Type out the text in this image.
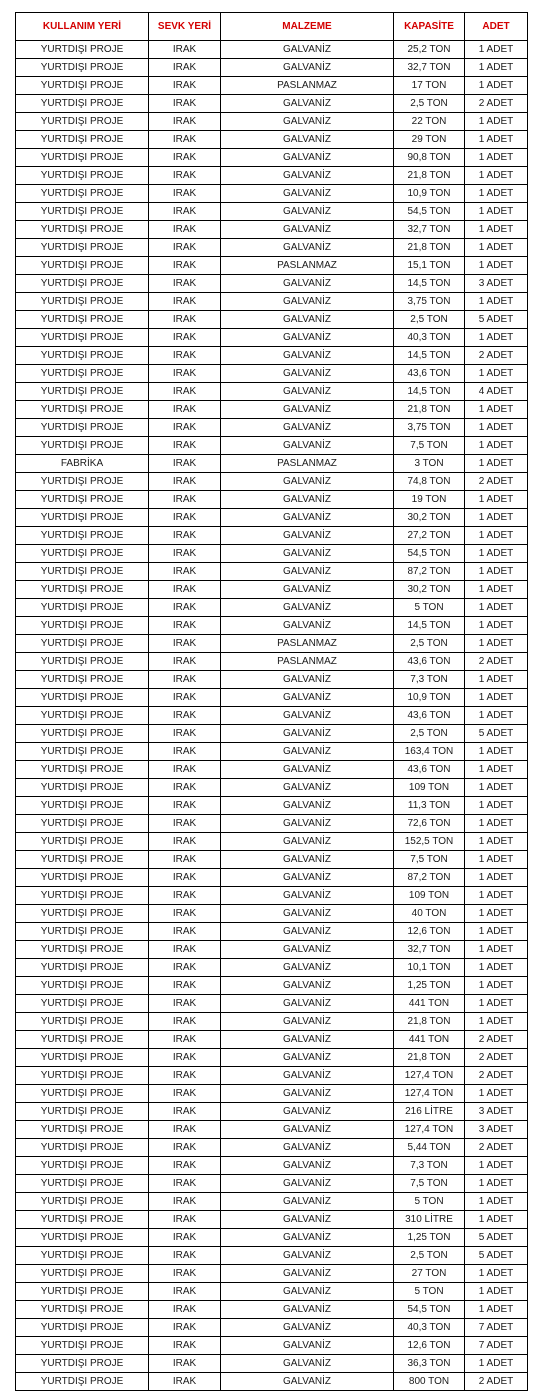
KULLANIM YERİ	SEVK YERİ	MALZEME	KAPASİTE	ADET
YURTDIŞI PROJE	IRAK	GALVANİZ	25,2 TON	1 ADET
YURTDIŞI PROJE	IRAK	GALVANİZ	32,7 TON	1 ADET
YURTDIŞI PROJE	IRAK	PASLANMAZ	17 TON	1 ADET
YURTDIŞI PROJE	IRAK	GALVANİZ	2,5 TON	2 ADET
YURTDIŞI PROJE	IRAK	GALVANİZ	22 TON	1 ADET
YURTDIŞI PROJE	IRAK	GALVANİZ	29 TON	1 ADET
YURTDIŞI PROJE	IRAK	GALVANİZ	90,8 TON	1 ADET
YURTDIŞI PROJE	IRAK	GALVANİZ	21,8 TON	1 ADET
YURTDIŞI PROJE	IRAK	GALVANİZ	10,9 TON	1 ADET
YURTDIŞI PROJE	IRAK	GALVANİZ	54,5 TON	1 ADET
YURTDIŞI PROJE	IRAK	GALVANİZ	32,7 TON	1 ADET
YURTDIŞI PROJE	IRAK	GALVANİZ	21,8 TON	1 ADET
YURTDIŞI PROJE	IRAK	PASLANMAZ	15,1 TON	1 ADET
YURTDIŞI PROJE	IRAK	GALVANİZ	14,5 TON	3 ADET
YURTDIŞI PROJE	IRAK	GALVANİZ	3,75 TON	1 ADET
YURTDIŞI PROJE	IRAK	GALVANİZ	2,5 TON	5 ADET
YURTDIŞI PROJE	IRAK	GALVANİZ	40,3 TON	1 ADET
YURTDIŞI PROJE	IRAK	GALVANİZ	14,5 TON	2 ADET
YURTDIŞI PROJE	IRAK	GALVANİZ	43,6 TON	1 ADET
YURTDIŞI PROJE	IRAK	GALVANİZ	14,5 TON	4 ADET
YURTDIŞI PROJE	IRAK	GALVANİZ	21,8 TON	1 ADET
YURTDIŞI PROJE	IRAK	GALVANİZ	3,75 TON	1 ADET
YURTDIŞI PROJE	IRAK	GALVANİZ	7,5 TON	1 ADET
FABRİKA	IRAK	PASLANMAZ	3 TON	1 ADET
YURTDIŞI PROJE	IRAK	GALVANİZ	74,8 TON	2 ADET
YURTDIŞI PROJE	IRAK	GALVANİZ	19 TON	1 ADET
YURTDIŞI PROJE	IRAK	GALVANİZ	30,2 TON	1 ADET
YURTDIŞI PROJE	IRAK	GALVANİZ	27,2 TON	1 ADET
YURTDIŞI PROJE	IRAK	GALVANİZ	54,5 TON	1 ADET
YURTDIŞI PROJE	IRAK	GALVANİZ	87,2 TON	1 ADET
YURTDIŞI PROJE	IRAK	GALVANİZ	30,2 TON	1 ADET
YURTDIŞI PROJE	IRAK	GALVANİZ	5 TON	1 ADET
YURTDIŞI PROJE	IRAK	GALVANİZ	14,5 TON	1 ADET
YURTDIŞI PROJE	IRAK	PASLANMAZ	2,5 TON	1 ADET
YURTDIŞI PROJE	IRAK	PASLANMAZ	43,6 TON	2 ADET
YURTDIŞI PROJE	IRAK	GALVANİZ	7,3 TON	1 ADET
YURTDIŞI PROJE	IRAK	GALVANİZ	10,9 TON	1 ADET
YURTDIŞI PROJE	IRAK	GALVANİZ	43,6 TON	1 ADET
YURTDIŞI PROJE	IRAK	GALVANİZ	2,5 TON	5 ADET
YURTDIŞI PROJE	IRAK	GALVANİZ	163,4 TON	1 ADET
YURTDIŞI PROJE	IRAK	GALVANİZ	43,6 TON	1 ADET
YURTDIŞI PROJE	IRAK	GALVANİZ	109 TON	1 ADET
YURTDIŞI PROJE	IRAK	GALVANİZ	11,3 TON	1 ADET
YURTDIŞI PROJE	IRAK	GALVANİZ	72,6 TON	1 ADET
YURTDIŞI PROJE	IRAK	GALVANİZ	152,5 TON	1 ADET
YURTDIŞI PROJE	IRAK	GALVANİZ	7,5 TON	1 ADET
YURTDIŞI PROJE	IRAK	GALVANİZ	87,2 TON	1 ADET
YURTDIŞI PROJE	IRAK	GALVANİZ	109 TON	1 ADET
YURTDIŞI PROJE	IRAK	GALVANİZ	40 TON	1 ADET
YURTDIŞI PROJE	IRAK	GALVANİZ	12,6 TON	1 ADET
YURTDIŞI PROJE	IRAK	GALVANİZ	32,7 TON	1 ADET
YURTDIŞI PROJE	IRAK	GALVANİZ	10,1 TON	1 ADET
YURTDIŞI PROJE	IRAK	GALVANİZ	1,25 TON	1 ADET
YURTDIŞI PROJE	IRAK	GALVANİZ	441 TON	1 ADET
YURTDIŞI PROJE	IRAK	GALVANİZ	21,8 TON	1 ADET
YURTDIŞI PROJE	IRAK	GALVANİZ	441 TON	2 ADET
YURTDIŞI PROJE	IRAK	GALVANİZ	21,8 TON	2 ADET
YURTDIŞI PROJE	IRAK	GALVANİZ	127,4 TON	2 ADET
YURTDIŞI PROJE	IRAK	GALVANİZ	127,4 TON	1 ADET
YURTDIŞI PROJE	IRAK	GALVANİZ	216 LİTRE	3 ADET
YURTDIŞI PROJE	IRAK	GALVANİZ	127,4 TON	3 ADET
YURTDIŞI PROJE	IRAK	GALVANİZ	5,44 TON	2 ADET
YURTDIŞI PROJE	IRAK	GALVANİZ	7,3 TON	1 ADET
YURTDIŞI PROJE	IRAK	GALVANİZ	7,5 TON	1 ADET
YURTDIŞI PROJE	IRAK	GALVANİZ	5 TON	1 ADET
YURTDIŞI PROJE	IRAK	GALVANİZ	310 LİTRE	1 ADET
YURTDIŞI PROJE	IRAK	GALVANİZ	1,25 TON	5 ADET
YURTDIŞI PROJE	IRAK	GALVANİZ	2,5 TON	5 ADET
YURTDIŞI PROJE	IRAK	GALVANİZ	27 TON	1 ADET
YURTDIŞI PROJE	IRAK	GALVANİZ	5 TON	1 ADET
YURTDIŞI PROJE	IRAK	GALVANİZ	54,5 TON	1 ADET
YURTDIŞI PROJE	IRAK	GALVANİZ	40,3 TON	7 ADET
YURTDIŞI PROJE	IRAK	GALVANİZ	12,6 TON	7 ADET
YURTDIŞI PROJE	IRAK	GALVANİZ	36,3 TON	1 ADET
YURTDIŞI PROJE	IRAK	GALVANİZ	800 TON	2 ADET
